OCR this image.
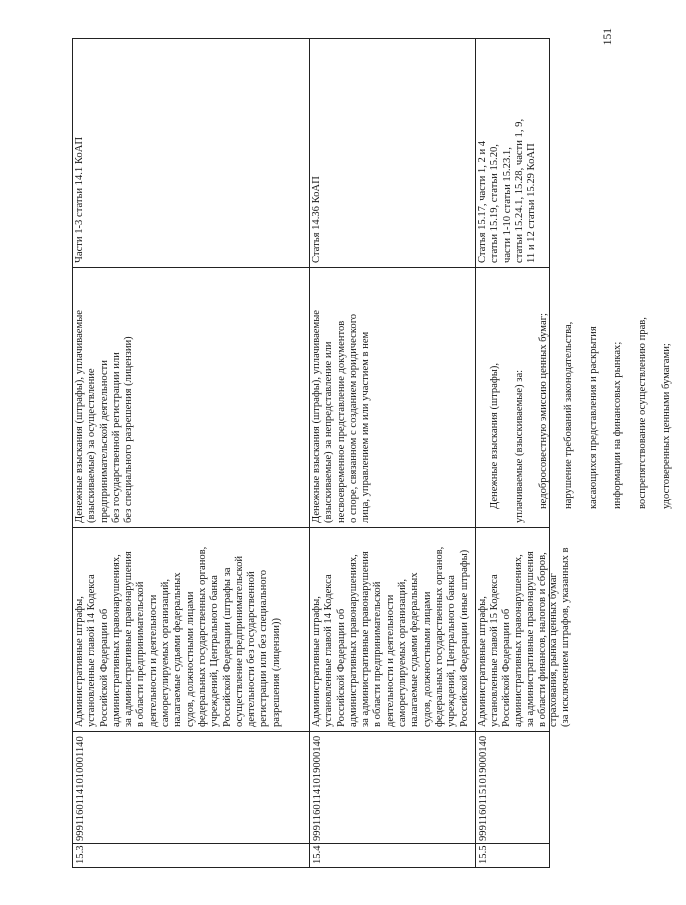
151
15.3
99911601141010001140
Административные штрафы,
установленные главой 14 Кодекса
Российской Федерации об
административных правонарушениях,
за административные правонарушения
в области предпринимательской
деятельности и деятельности
саморегулируемых организаций,
налагаемые судьями федеральных
судов, должностными лицами
федеральных государственных органов,
учреждений, Центрального банка
Российской Федерации (штрафы за
осуществление предпринимательской
деятельности без государственной
регистрации или без специального
разрешения (лицензии))
Денежные взыскания (штрафы), уплачиваемые
(взыскиваемые) за осуществление
предпринимательской деятельности
без государственной регистрации или
без специального разрешения (лицензии)
Части 1-3 статьи 14.1 КоАП
15.4
99911601141019000140
Административные штрафы,
установленные главой 14 Кодекса
Российской Федерации об
административных правонарушениях,
за административные правонарушения
в области предпринимательской
деятельности и деятельности
саморегулируемых организаций,
налагаемые судьями федеральных
судов, должностными лицами
федеральных государственных органов,
учреждений, Центрального банка
Российской Федерации (иные штрафы)
Денежные взыскания (штрафы), уплачиваемые
(взыскиваемые) за непредставление или
несвоевременное представление документов
о споре, связанном с созданием юридического
лица, управлением им или участием в нем
Статья 14.36 КоАП
15.5
99911601151019000140
Административные штрафы,
установленные главой 15 Кодекса
Российской Федерации об
административных правонарушениях,
за административные правонарушения
в области финансов, налогов и сборов,
страхования, рынка ценных бумаг
(за исключением штрафов, указанных в

Денежные взыскания (штрафы), уплачиваемые (взыскиваемые) за: недобросовестную эмиссию ценных бумаг; нарушение требований законодательства, касающихся представления и раскрытия информации на финансовых рынках; воспрепятствование осуществлению прав, удостоверенных ценными бумагами;

Статья 15.17, части 1, 2 и 4
статьи 15.19, статьи 15.20,
части 1-10 статьи 15.23.1,
статьи 15.24.1, 15.28, части 1, 9,
11 и 12 статьи 15.29 КоАП
